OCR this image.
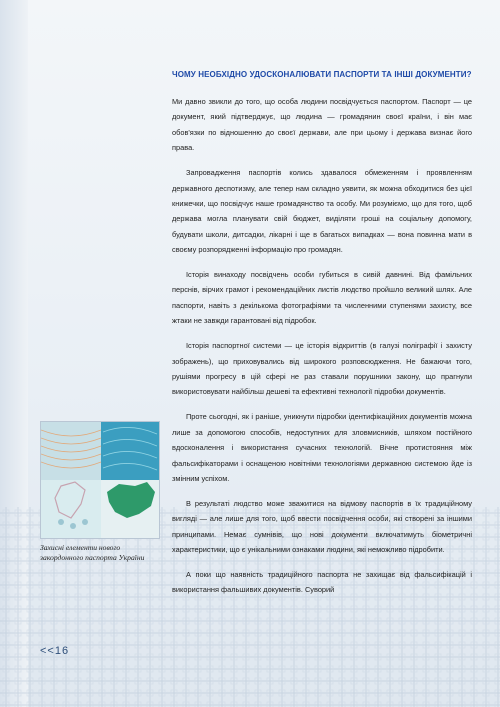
ЧОМУ НЕОБХІДНО УДОСКОНАЛЮВАТИ ПАСПОРТИ ТА ІНШІ ДОКУМЕНТИ?

Ми давно звикли до того, що особа людини посвідчується паспортом. Паспорт — це документ, який підтверджує, що людина — громадянин своєї країни, і він має обов'язки по відношенню до своєї держави, але при цьому і держава визнає його права.

Запровадження паспортів колись здавалося обмеженням і проявленням державного деспотизму, але тепер нам складно уявити, як можна обходитися без цієї книжечки, що посвідчує наше громадянство та особу. Ми розуміємо, що для того, щоб держава могла планувати свій бюджет, виділяти гроші на соціальну допомогу, будувати школи, дитсадки, лікарні і ще в багатьох випадках — вона повинна мати в своєму розпорядженні інформацію про громадян.

Історія винаходу посвідчень особи губиться в сивій давнині. Від фамільних перснів, вірчих грамот і рекомендаційних листів людство пройшло великий шлях. Але паспорти, навіть з декількома фотографіями та численними ступенями захисту, все жтаки не завжди гарантовані від підробок.

Історія паспортної системи — це історія відкриттів (в галузі поліграфії і захисту зображень), що приховувались від широкого розповсюдження. Не бажаючи того, рушіями прогресу в цій сфері не раз ставали порушники закону, що прагнули використовувати найбільш дешеві та ефективні технології підробки документів.

Проте сьогодні, як і раніше, уникнути підробки ідентифікаційних документів можна лише за допомогою способів, недоступних для зловмисників, шляхом постійного вдосконалення і використання сучасних технологій. Вічне протистояння між фальсифікаторами і оснащеною новітніми технологіями державною системою йде із змінним успіхом.

В результаті людство може зважитися на відмову паспортів в їх традиційному вигляді — але лише для того, щоб ввести посвідчення особи, які створені за іншими принципами. Немає сумнівів, що нові документи включатимуть біометричні характеристики, що є унікальними ознаками людини, які неможливо підробити.

А поки що наявність традиційного паспорта не захищає від фальсифікацій і використання фальшивих документів. Суворий

Захисні елементи нового закордонного паспорта України
<<16
